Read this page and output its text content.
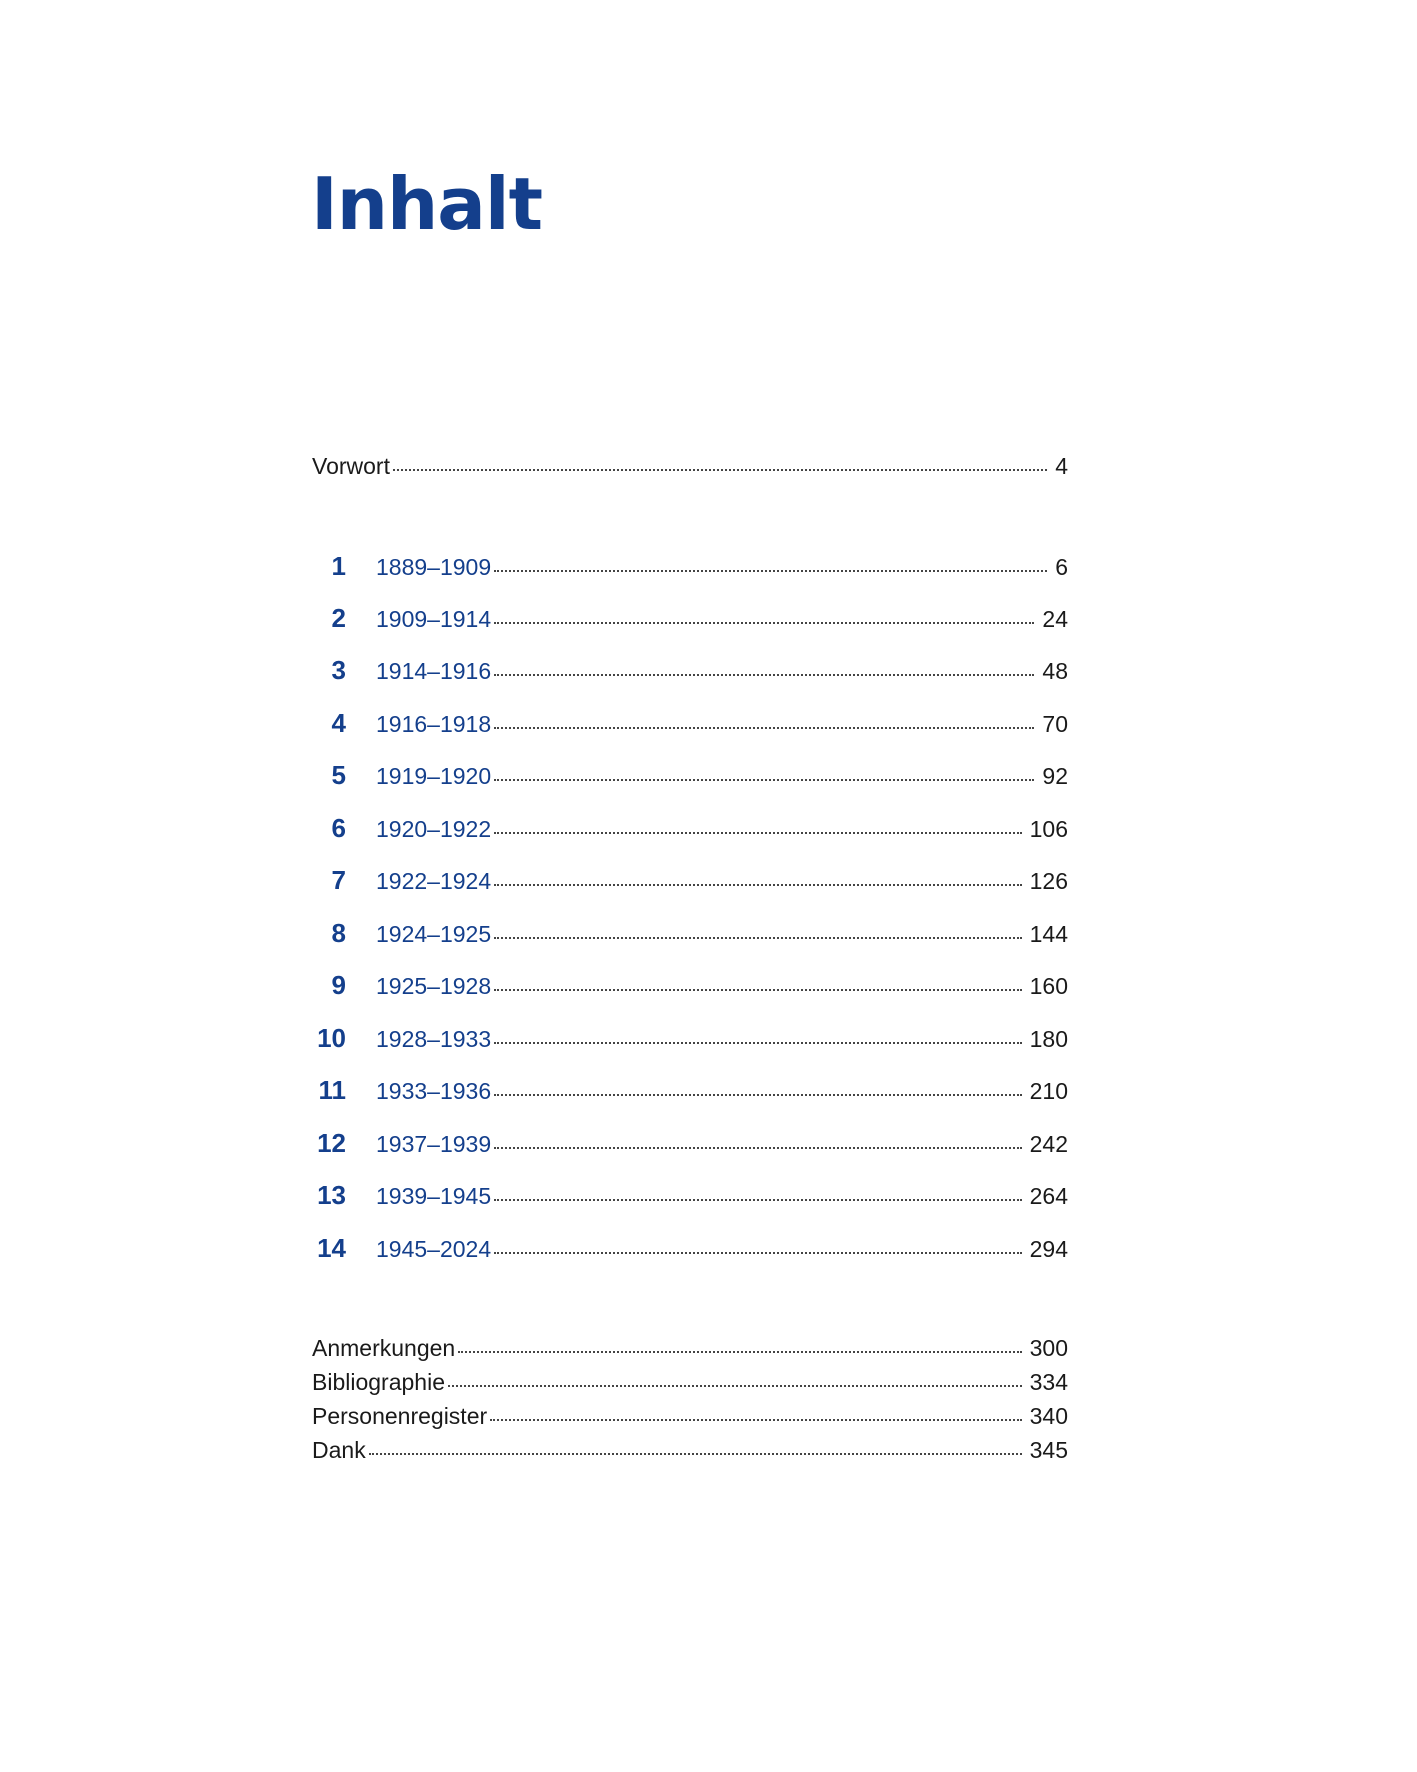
Inhalt
Vorwort	4
1 1889–1909	6
2 1909–1914	24
3 1914–1916	48
4 1916–1918	70
5 1919–1920	92
6 1920–1922	106
7 1922–1924	126
8 1924–1925	144
9 1925–1928	160
10 1928–1933	180
11 1933–1936	210
12 1937–1939	242
13 1939–1945	264
14 1945–2024	294
Anmerkungen	300
Bibliographie	334
Personenregister	340
Dank	345
